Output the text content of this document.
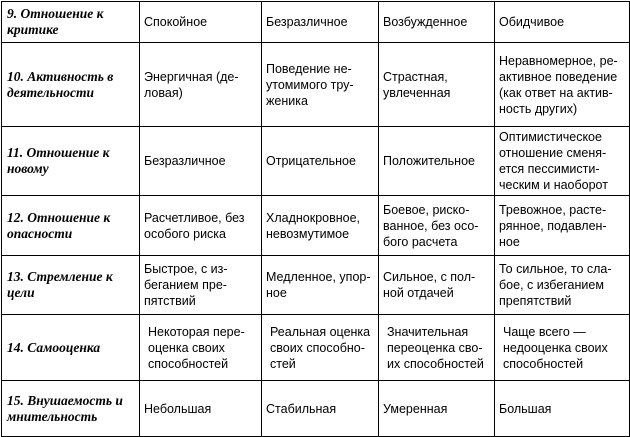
9. Отношение к
критике	Спокойное	Безразличное	Возбужденное	Обидчивое

10. Активность в
деятельности	Энергичная (де-
ловая)	Поведение не-
утомимого тру-
женика	Страстная,
увлеченная	Неравномерное, ре-
активное поведение
(как ответ на актив-
ность других)

11. Отношение к
новому	Безразличное	Отрицательное	Положительное	Оптимистическое
отношение сменя-
ется пессимисти-
ческим и наоборот

12. Отношение к
опасности	Расчетливое, без
особого риска	Хладнокровное,
невозмутимое	Боевое, риско-
ванное, без осо-
бого расчета	Тревожное, расте-
рянное, подавлен-
ное

13. Стремление к
цели	Быстрое, с из-
беганием пре-
пятствий	Медленное, упор-
ное	Сильное, с пол-
ной отдачей	То сильное, то сла-
бое, с избеганием
препятствий

14. Самооценка	Некоторая пере-
оценка своих
способностей	Реальная оценка
своих способно-
стей	Значительная
переоценка сво-
их способностей	Чаще всего —
недооценка своих
способностей

15. Внушаемость и
мнительность	Небольшая	Стабильная	Умеренная	Большая
